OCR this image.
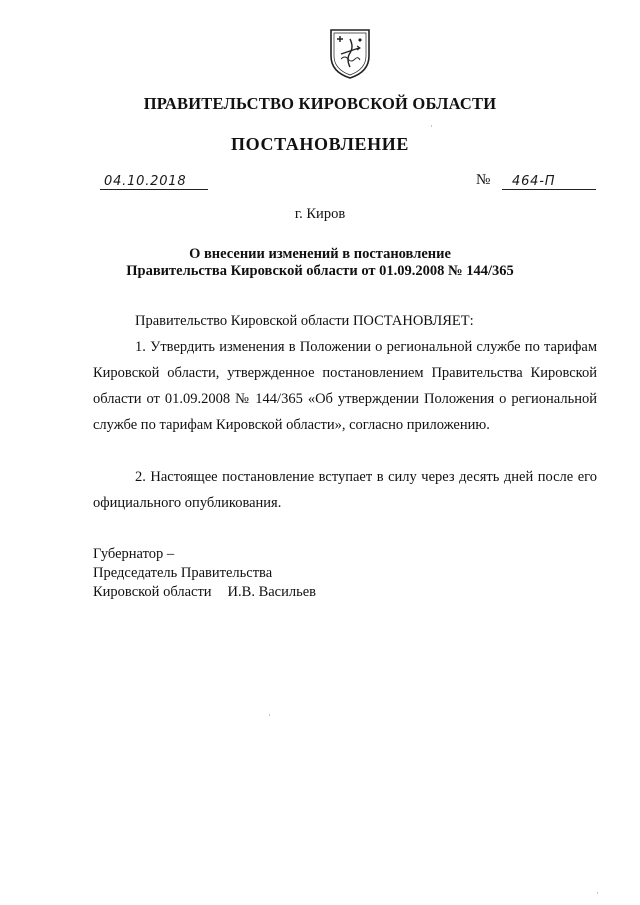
ПРАВИТЕЛЬСТВО КИРОВСКОЙ ОБЛАСТИ
ПОСТАНОВЛЕНИЕ
04.10.2018	№ 464-П
г. Киров
О внесении изменений в постановление
Правительства Кировской области от 01.09.2008 № 144/365
Правительство Кировской области ПОСТАНОВЛЯЕТ:
1. Утвердить изменения в Положении о региональной службе по тарифам Кировской области, утвержденное постановлением Правительства Кировской области от 01.09.2008 № 144/365 «Об утверждении Положения о региональной службе по тарифам Кировской области», согласно приложению.
2. Настоящее постановление вступает в силу через десять дней после его официального опубликования.
Губернатор –
Председатель Правительства
Кировской области И.В. Васильев
·
·
·
